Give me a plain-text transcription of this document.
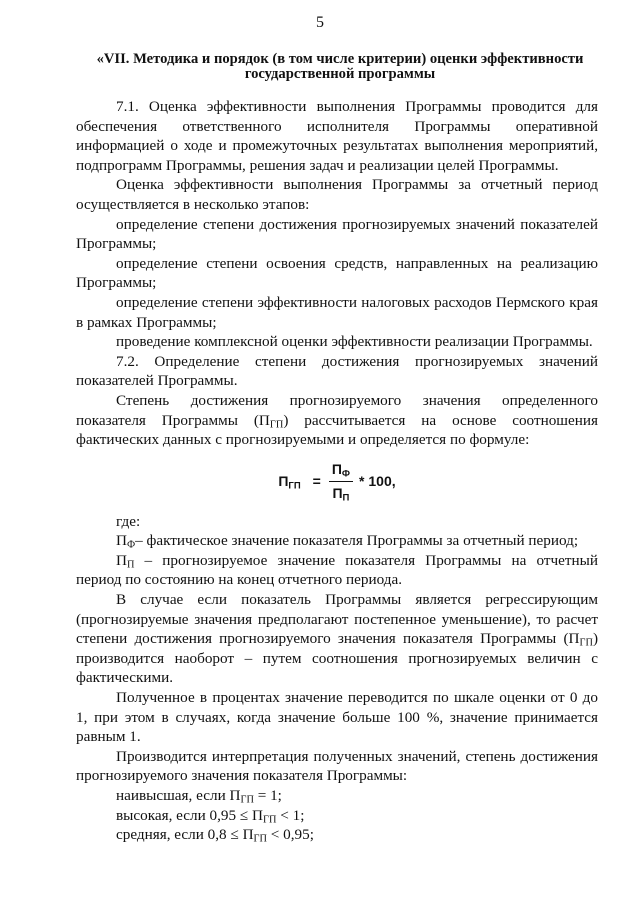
5
«VII. Методика и порядок (в том числе критерии) оценки эффективности государственной программы

7.1. Оценка эффективности выполнения Программы проводится для обеспечения ответственного исполнителя Программы оперативной информацией о ходе и промежуточных результатах выполнения мероприятий, подпрограмм Программы, решения задач и реализации целей Программы.

Оценка эффективности выполнения Программы за отчетный период осуществляется в несколько этапов:

определение степени достижения прогнозируемых значений показателей Программы;

определение степени освоения средств, направленных на реализацию Программы;

определение степени эффективности налоговых расходов Пермского края в рамках Программы;

проведение комплексной оценки эффективности реализации Программы.

7.2. Определение степени достижения прогнозируемых значений показателей Программы.

Степень достижения прогнозируемого значения определенного показателя Программы $(П_{ГП})$ рассчитывается на основе соотношения фактических данных с прогнозируемыми и определяется по формуле:

$П_{ГП} = \frac{П_Ф}{П_П} * 100$,

где:

$П_Ф-$ фактическое значение показателя Программы за отчетный период;

$П_П$ – прогнозируемое значение показателя Программы на отчетный период по состоянию на конец отчетного периода.

В случае если показатель Программы является регрессирующим (прогнозируемые значения предполагают постепенное уменьшение), то расчет степени достижения прогнозируемого значения показателя Программы $(П_{ГП})$ производится наоборот – путем соотношения прогнозируемых величин с фактическими.

Полученное в процентах значение переводится по шкале оценки от 0 до 1, при этом в случаях, когда значение больше 100 %, значение принимается равным 1.

Производится интерпретация полученных значений, степень достижения прогнозируемого значения показателя Программы:

наивысшая, если $П_{ГП} = 1$;

высокая, если $0,95 \le П_{ГП} < 1$;

средняя, если $0,8 \le П_{ГП} < 0,95$;
